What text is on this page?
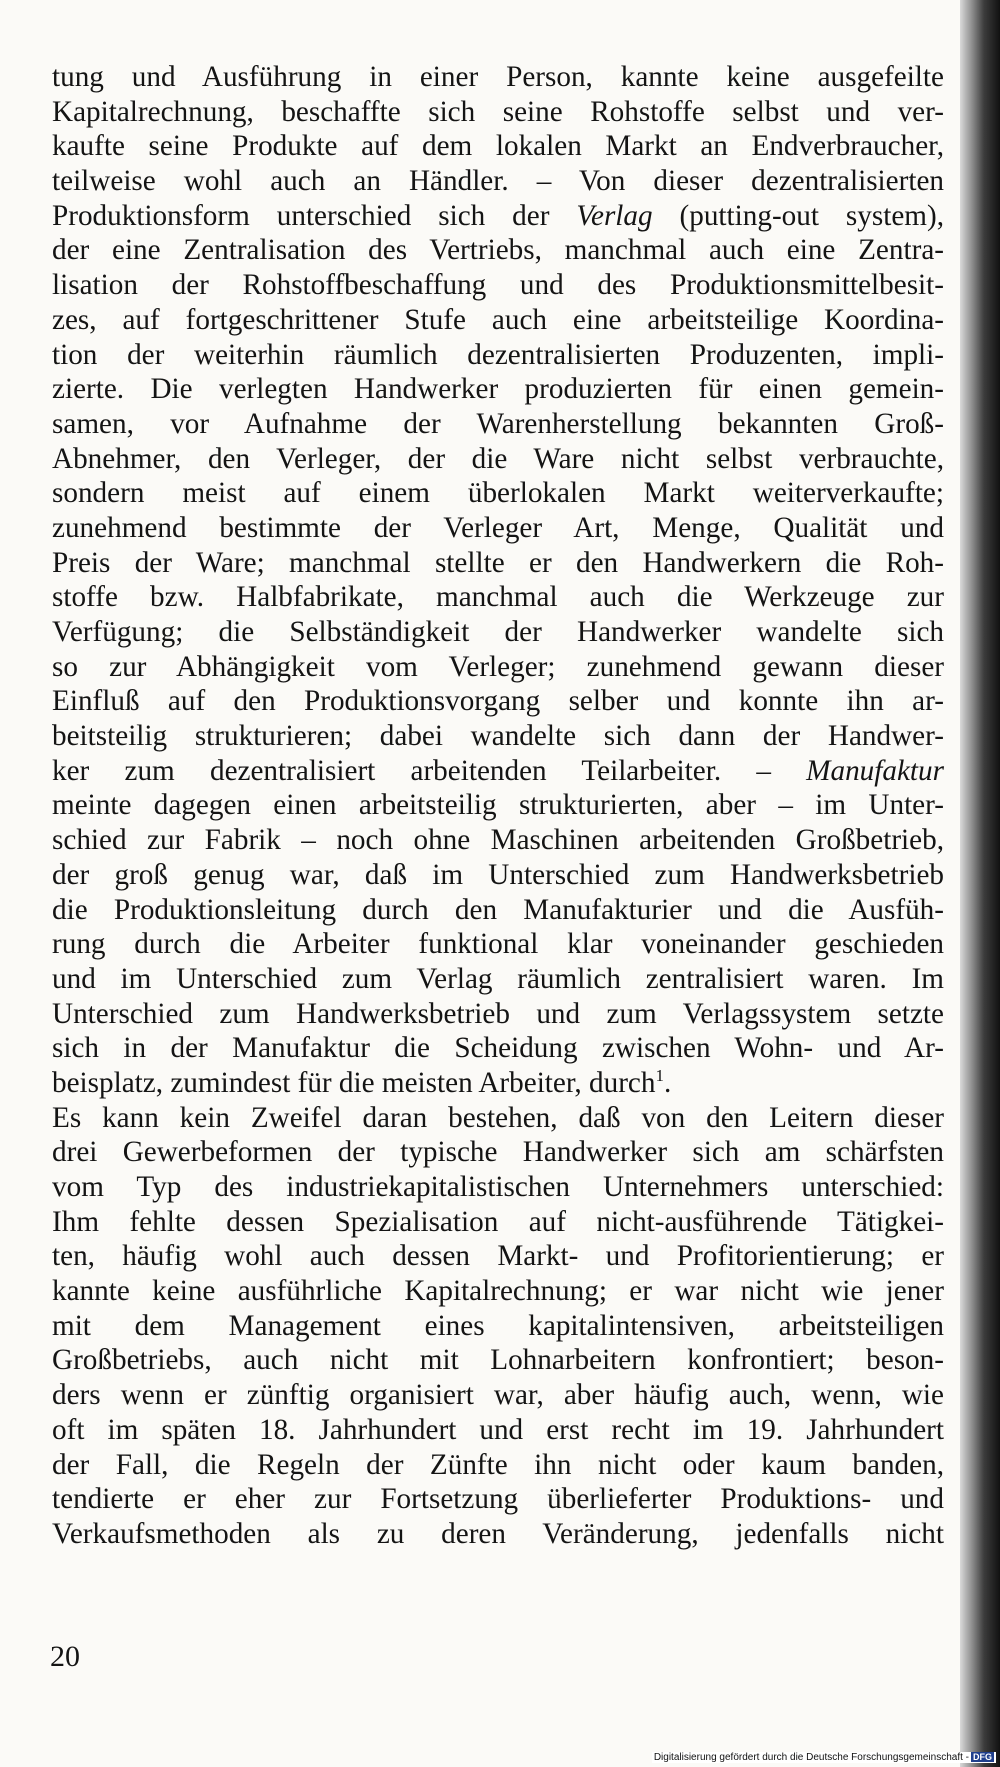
tung und Ausführung in einer Person, kannte keine ausgefeilte
Kapitalrechnung, beschaffte sich seine Rohstoffe selbst und ver-
kaufte seine Produkte auf dem lokalen Markt an Endverbraucher,
teilweise wohl auch an Händler. – Von dieser dezentralisierten
Produktionsform unterschied sich der Verlag (putting-out system),
der eine Zentralisation des Vertriebs, manchmal auch eine Zentra-
lisation der Rohstoffbeschaffung und des Produktionsmittelbesit-
zes, auf fortgeschrittener Stufe auch eine arbeitsteilige Koordina-
tion der weiterhin räumlich dezentralisierten Produzenten, impli-
zierte. Die verlegten Handwerker produzierten für einen gemein-
samen, vor Aufnahme der Warenherstellung bekannten Groß-
Abnehmer, den Verleger, der die Ware nicht selbst verbrauchte,
sondern meist auf einem überlokalen Markt weiterverkaufte;
zunehmend bestimmte der Verleger Art, Menge, Qualität und
Preis der Ware; manchmal stellte er den Handwerkern die Roh-
stoffe bzw. Halbfabrikate, manchmal auch die Werkzeuge zur
Verfügung; die Selbständigkeit der Handwerker wandelte sich
so zur Abhängigkeit vom Verleger; zunehmend gewann dieser
Einfluß auf den Produktionsvorgang selber und konnte ihn ar-
beitsteilig strukturieren; dabei wandelte sich dann der Handwer-
ker zum dezentralisiert arbeitenden Teilarbeiter. – Manufaktur
meinte dagegen einen arbeitsteilig strukturierten, aber – im Unter-
schied zur Fabrik – noch ohne Maschinen arbeitenden Großbetrieb,
der groß genug war, daß im Unterschied zum Handwerksbetrieb
die Produktionsleitung durch den Manufakturier und die Ausfüh-
rung durch die Arbeiter funktional klar voneinander geschieden
und im Unterschied zum Verlag räumlich zentralisiert waren. Im
Unterschied zum Handwerksbetrieb und zum Verlagssystem setzte
sich in der Manufaktur die Scheidung zwischen Wohn- und Ar-
beisplatz, zumindest für die meisten Arbeiter, durch$^1$.
Es kann kein Zweifel daran bestehen, daß von den Leitern dieser
drei Gewerbeformen der typische Handwerker sich am schärfsten
vom Typ des industriekapitalistischen Unternehmers unterschied:
Ihm fehlte dessen Spezialisation auf nicht-ausführende Tätigkei-
ten, häufig wohl auch dessen Markt- und Profitorientierung; er
kannte keine ausführliche Kapitalrechnung; er war nicht wie jener
mit dem Management eines kapitalintensiven, arbeitsteiligen
Großbetriebs, auch nicht mit Lohnarbeitern konfrontiert; beson-
ders wenn er zünftig organisiert war, aber häufig auch, wenn, wie
oft im späten 18. Jahrhundert und erst recht im 19. Jahrhundert
der Fall, die Regeln der Zünfte ihn nicht oder kaum banden,
tendierte er eher zur Fortsetzung überlieferter Produktions- und
Verkaufsmethoden als zu deren Veränderung, jedenfalls nicht
20
Digitalisierung gefördert durch die Deutsche Forschungsgemeinschaft - DFG
